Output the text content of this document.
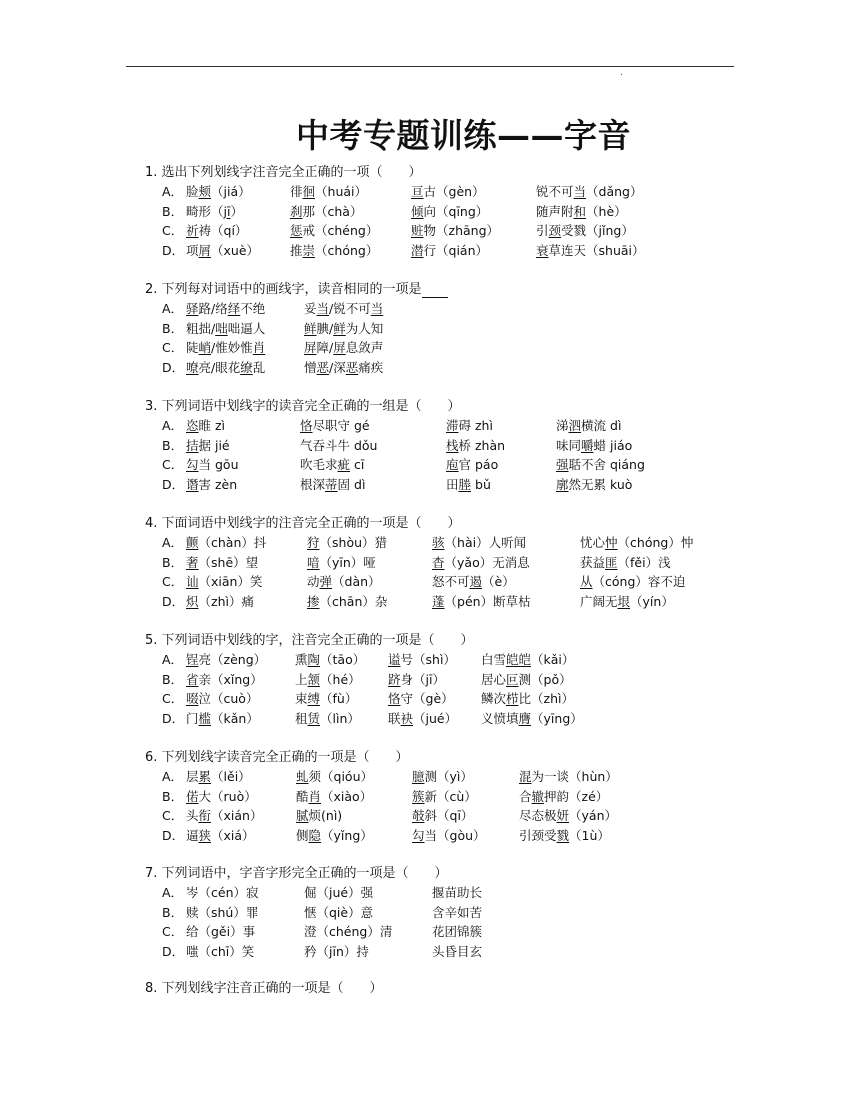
.
中考专题训练——字音
1. 选出下列划线字注音完全正确的一项（　　）
A． 脸颊（jiá）	徘徊（huái）	亘古（gèn）	锐不可当（dǎng）
B． 畸形（jī）	刹那（chà）	倾向（qīng）	随声附和（hè）
C． 祈祷（qí）	惩戒（chéng）	赃物（zhāng）	引颈受戮（jǐng）
D． 项屑（xuè） 推崇（chóng）	潜行（qián）	衰草连天（shuāi）
2. 下列每对词语中的画线字，读音相同的一项是  
A． 驿路/络绎不绝	妥当/锐不可当
B． 粗拙/咄咄逼人	鲜腆/鲜为人知
C． 陡峭/惟妙惟肖	屏障/屏息敛声
D． 嘹亮/眼花缭乱	憎恶/深恶痛疾
3. 下列词语中划线字的读音完全正确的一组是（　　）
A． 恣睢 zì	恪尽职守 gé	滞碍 zhì	涕泗横流 dì
B． 拮据 jié	气吞斗牛 dǒu	栈桥 zhàn	味同嚼蜡 jiáo
C． 勾当 gōu	吹毛求疵 cī	庖官 páo	强聒不舍 qiáng
D． 谮害 zèn	根深蒂固 dì	田塍 bǔ	廓然无累 kuò
4. 下面词语中划线字的注音完全正确的一项是（　　）
A． 颤（chàn）抖	狩（shòu）猎	骇（hài）人听闻	忧心忡（chóng）忡
B． 奢（shē）望	喑（yīn）哑	杳（yǎo）无消息	获益匪（fěi）浅
C． 讪（xiān）笑	动弹（dàn）	怒不可遏（è）	从（cóng）容不迫
D． 炽（zhì）痛	掺（chān）杂	蓬（pén）断草枯	广阔无垠（yín）
5. 下列词语中划线的字，注音完全正确的一项是（　　）
A． 锃亮（zèng） 熏陶（tāo） 谥号（shì） 白雪皑皑（kǎi）
B． 省亲（xǐng）	上颔（hé） 跻身（jī）	居心叵测（pǒ）
C． 啜泣（cuò）	束缚（fù） 恪守（gè） 鳞次栉比（zhì）
D． 门槛（kǎn）	租赁（lìn） 联袂（jué） 义愤填膺（yīng）
6. 下列划线字读音完全正确的一项是（　　）
A． 层累（lěi）	虬须（qióu）	臆测（yì）	混为一谈（hùn）
B． 偌大（ruò）	酷肖（xiào）	簇新（cù）	合辙押韵（zé）
C． 头衔（xián）	腻烦(nì)	攲斜（qī）	尽态极妍（yán）
D． 逼狭（xiá）	侧隐（yǐng）	勾当（gòu）	引颈受戮（1ù）
7. 下列词语中，字音字形完全正确的一项是（　　）
A． 岑（cén）寂	倔（jué）强	揠苗助长
B． 赎（shú）罪	惬（qiè）意	含辛如苦
C． 给（gěi）事	澄（chéng）清	花团锦簇
D． 嗤（chī）笑	矜（jīn）持	头昏目玄
8. 下列划线字注音正确的一项是（　　）
